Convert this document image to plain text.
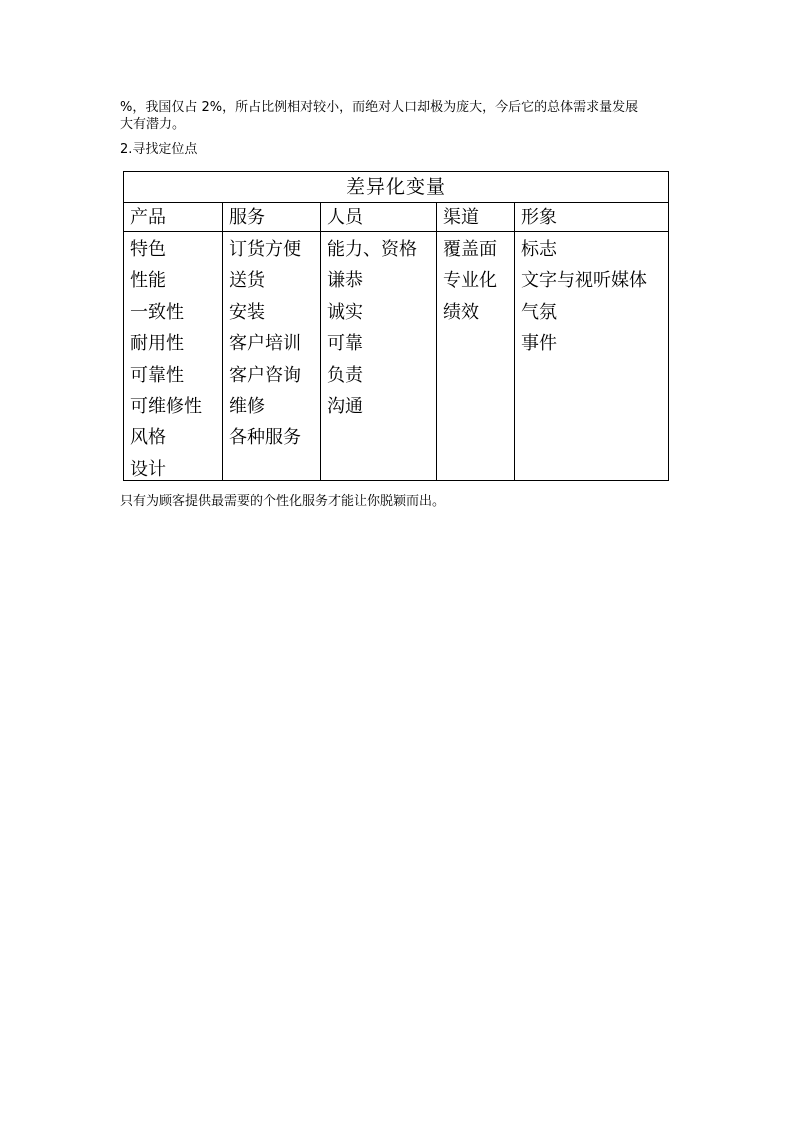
%，我国仅占 2%，所占比例相对较小，而绝对人口却极为庞大，今后它的总体需求量发展
大有潜力。
2.寻找定位点
差异化变量
产品
特色
性能
一致性
耐用性
可靠性
可维修性
风格
设计
服务
订货方便
送货
安装
客户培训
客户咨询
维修
各种服务
人员
能力、资格
谦恭
诚实
可靠
负责
沟通
渠道
覆盖面
专业化
绩效
形象
标志
文字与视听媒体
气氛
事件
只有为顾客提供最需要的个性化服务才能让你脱颖而出。
